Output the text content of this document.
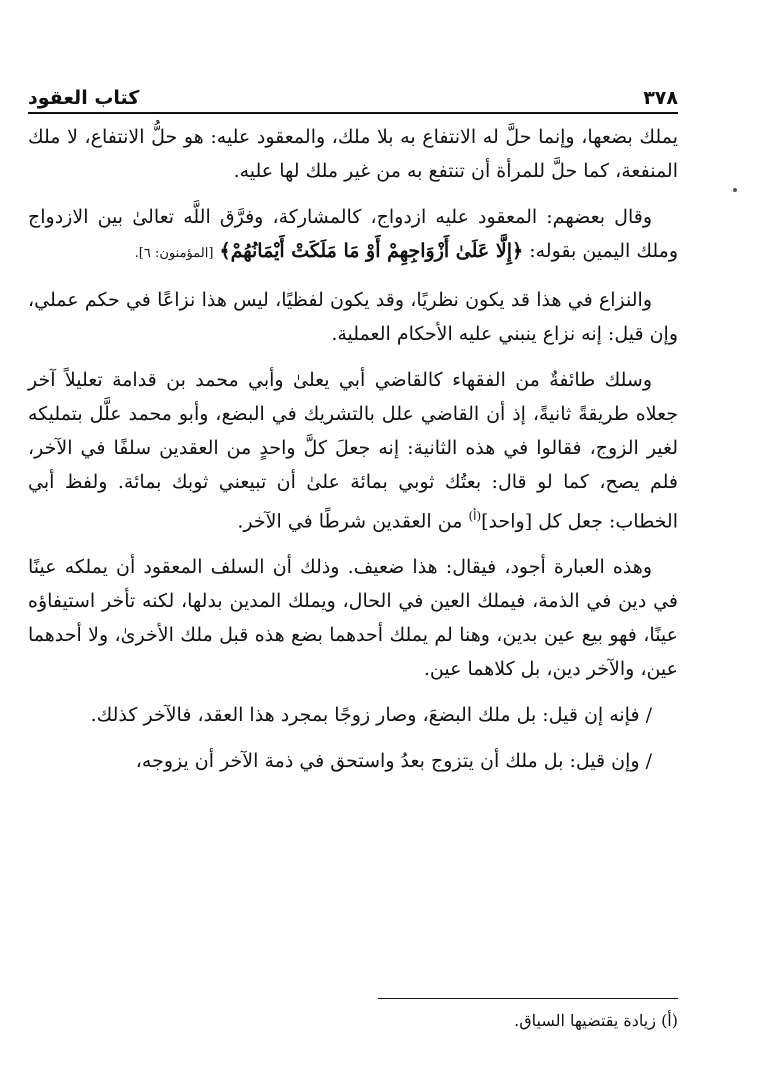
٣٧٨
كتاب العقود

يملك بضعها، وإنما حلَّ له الانتفاع به بلا ملك، والمعقود عليه: هو حلُّ الانتفاع، لا ملك المنفعة، كما حلَّ للمرأة أن تنتفع به من غير ملك لها عليه.

وقال بعضهم: المعقود عليه ازدواج، كالمشاركة، وفرَّق اللَّه تعالىٰ بين الازدواج وملك اليمين بقوله: ﴿إِلَّا عَلَىٰ أَزْوَاجِهِمْ أَوْ مَا مَلَكَتْ أَيْمَانُهُمْ﴾ [المؤمنون: ٦].

والنزاع في هذا قد يكون نظريًا، وقد يكون لفظيًا، ليس هذا نزاعًا في حكم عملي، وإن قيل: إنه نزاع ينبني عليه الأحكام العملية.

وسلك طائفةٌ من الفقهاء كالقاضي أبي يعلىٰ وأبي محمد بن قدامة تعليلاً آخر جعلاه طريقةً ثانيةً، إذ أن القاضي علل بالتشريك في البضع، وأبو محمد علَّل بتمليكه لغير الزوج، فقالوا في هذه الثانية: إنه جعلَ كلَّ واحدٍ من العقدين سلفًا في الآخر، فلم يصح، كما لو قال: بعتُك ثوبي بمائة علىٰ أن تبيعني ثوبك بمائة. ولفظ أبي الخطاب: جعل كل [واحد]$^{(أ)}$ من العقدين شرطًا في الآخر.

وهذه العبارة أجود، فيقال: هذا ضعيف. وذلك أن السلف المعقود أن يملكه عينًا في دين في الذمة، فيملك العين في الحال، ويملك المدين بدلها، لكنه تأخر استيفاؤه عينًا، فهو بيع عين بدين، وهنا لم يملك أحدهما بضع هذه قبل ملك الأخرىٰ، ولا أحدهما عين، والآخر دين، بل كلاهما عين.

/ فإنه إن قيل: بل ملك البضعَ، وصار زوجًا بمجرد هذا العقد، فالآخر كذلك.

/ وإن قيل: بل ملك أن يتزوج بعدُ واستحق في ذمة الآخر أن يزوجه،

(أ) زيادة يقتضيها السياق.
